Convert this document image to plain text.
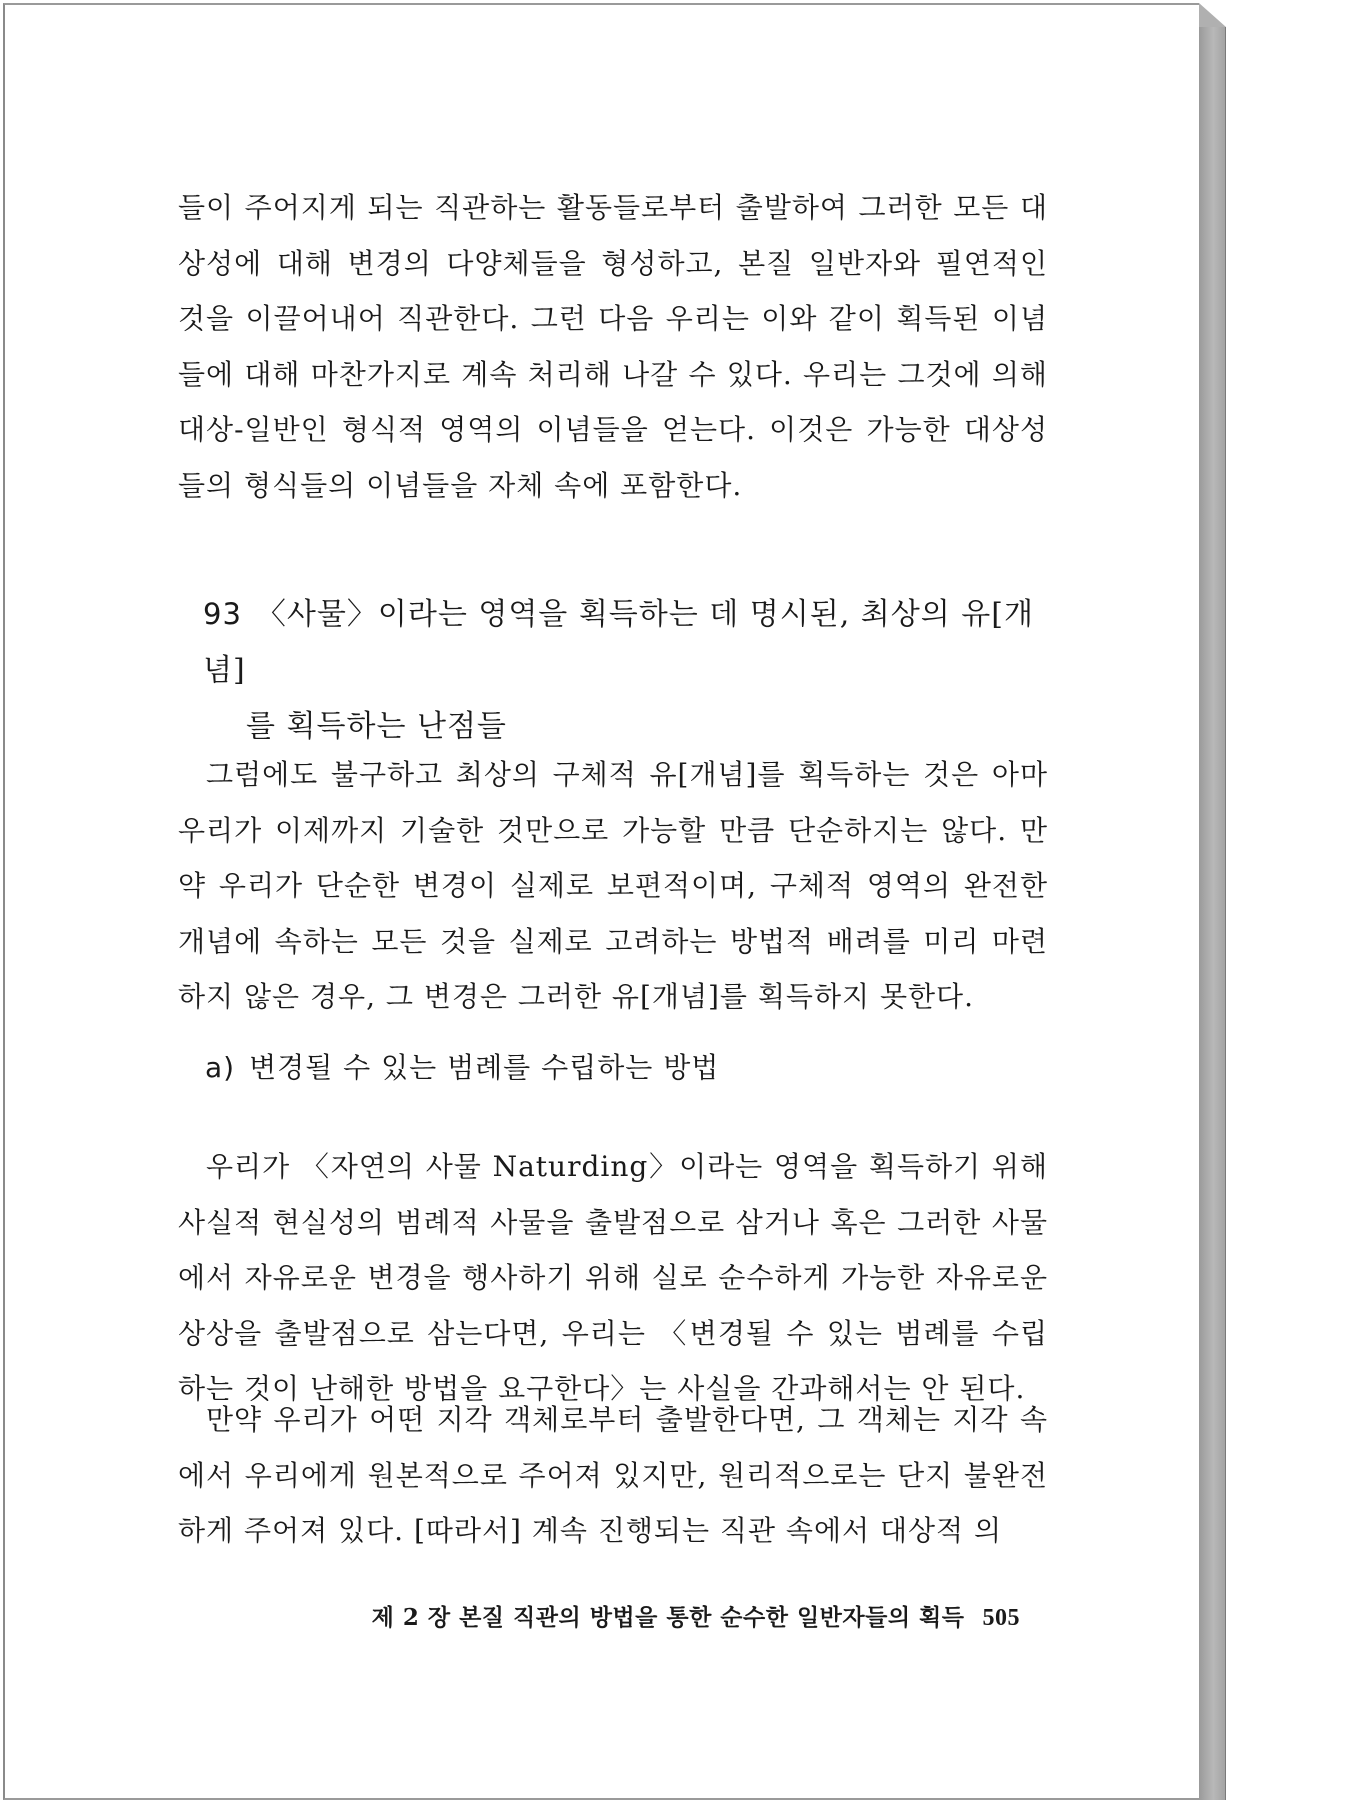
들이 주어지게 되는 직관하는 활동들로부터 출발하여 그러한 모든 대상성에 대해 변경의 다양체들을 형성하고, 본질 일반자와 필연적인 것을 이끌어내어 직관한다. 그런 다음 우리는 이와 같이 획득된 이념들에 대해 마찬가지로 계속 처리해 나갈 수 있다. 우리는 그것에 의해 대상-일반인 형식적 영역의 이념들을 얻는다. 이것은 가능한 대상성들의 형식들의 이념들을 자체 속에 포함한다.
93 〈사물〉이라는 영역을 획득하는 데 명시된, 최상의 유[개념]
를 획득하는 난점들
그럼에도 불구하고 최상의 구체적 유[개념]를 획득하는 것은 아마 우리가 이제까지 기술한 것만으로 가능할 만큼 단순하지는 않다. 만약 우리가 단순한 변경이 실제로 보편적이며, 구체적 영역의 완전한 개념에 속하는 모든 것을 실제로 고려하는 방법적 배려를 미리 마련하지 않은 경우, 그 변경은 그러한 유[개념]를 획득하지 못한다.
a) 변경될 수 있는 범례를 수립하는 방법
우리가 〈자연의 사물 Naturding〉이라는 영역을 획득하기 위해 사실적 현실성의 범례적 사물을 출발점으로 삼거나 혹은 그러한 사물에서 자유로운 변경을 행사하기 위해 실로 순수하게 가능한 자유로운 상상을 출발점으로 삼는다면, 우리는 〈변경될 수 있는 범례를 수립하는 것이 난해한 방법을 요구한다〉는 사실을 간과해서는 안 된다.
만약 우리가 어떤 지각 객체로부터 출발한다면, 그 객체는 지각 속에서 우리에게 원본적으로 주어져 있지만, 원리적으로는 단지 불완전하게 주어져 있다. [따라서] 계속 진행되는 직관 속에서 대상적 의
제 2 장 본질 직관의 방법을 통한 순수한 일반자들의 획득 505
